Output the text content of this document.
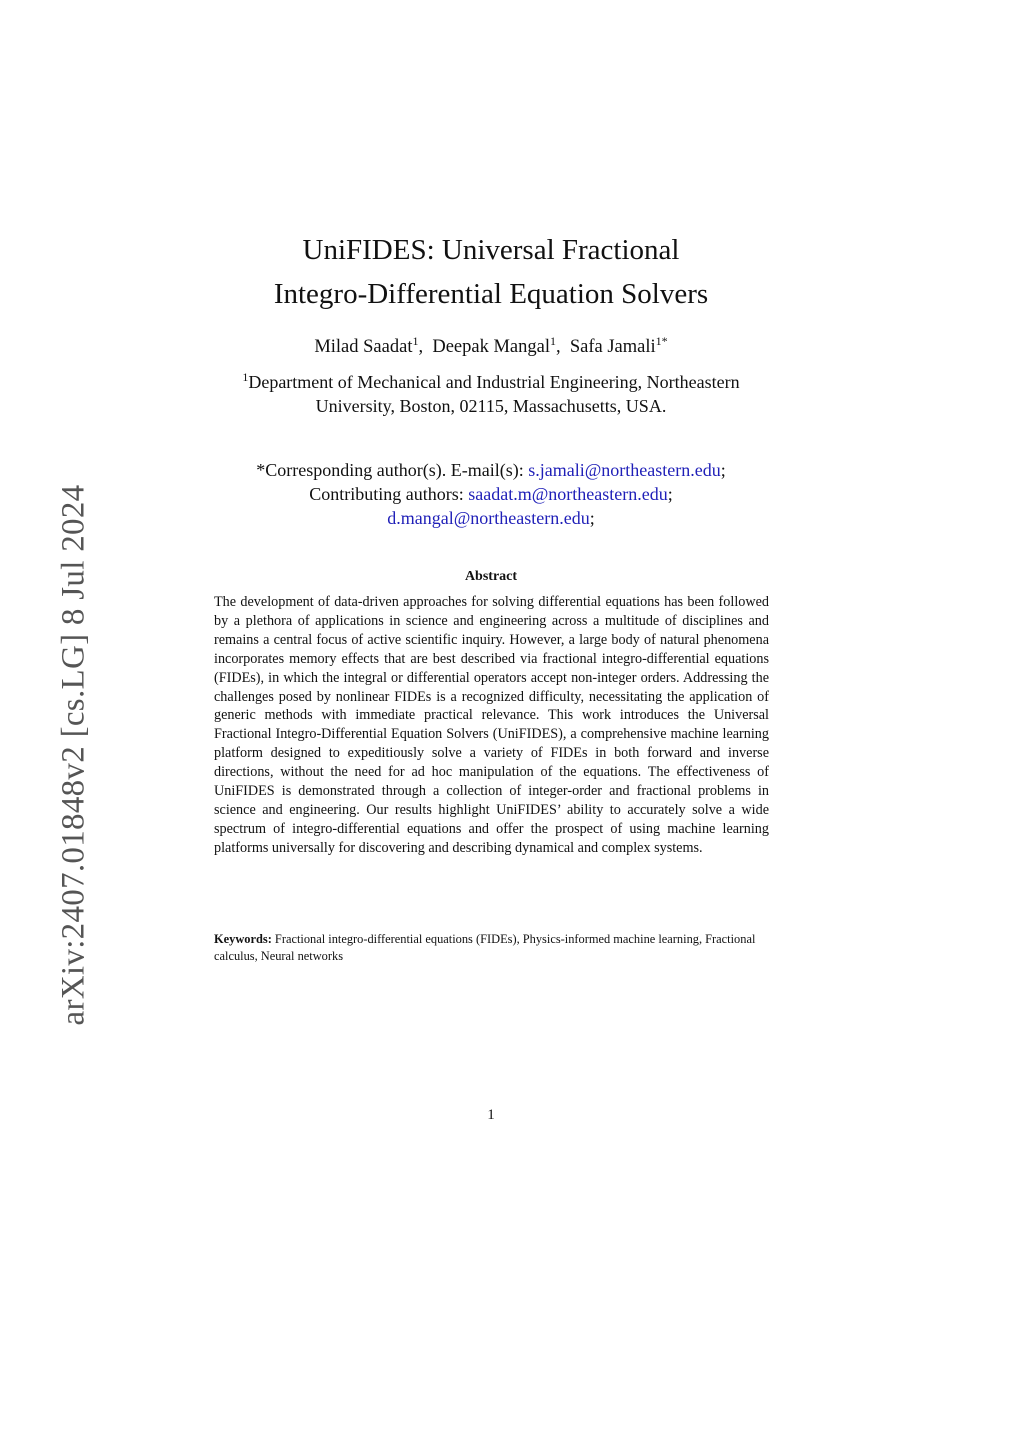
arXiv:2407.01848v2 [cs.LG] 8 Jul 2024
UniFIDES: Universal Fractional
Integro-Differential Equation Solvers
Milad Saadat$^1$,  Deepak Mangal$^1$,  Safa Jamali$^{1*}$
$^1$Department of Mechanical and Industrial Engineering, Northeastern
University, Boston, 02115, Massachusetts, USA.
*Corresponding author(s). E-mail(s): s.jamali@northeastern.edu;
Contributing authors: saadat.m@northeastern.edu;
d.mangal@northeastern.edu;
Abstract
The development of data-driven approaches for solving differential equations has been followed by a plethora of applications in science and engineering across a multitude of disciplines and remains a central focus of active scientific inquiry. However, a large body of natural phenomena incorporates memory effects that are best described via fractional integro-differential equations (FIDEs), in which the integral or differential operators accept non-integer orders. Addressing the challenges posed by nonlinear FIDEs is a recognized difficulty, necessitating the application of generic methods with immediate practical relevance. This work introduces the Universal Fractional Integro-Differential Equation Solvers (UniFIDES), a comprehensive machine learning platform designed to expeditiously solve a variety of FIDEs in both forward and inverse directions, without the need for ad hoc manipulation of the equations. The effectiveness of UniFIDES is demonstrated through a collection of integer-order and fractional problems in science and engineering. Our results highlight UniFIDES’ ability to accurately solve a wide spectrum of integro-differential equations and offer the prospect of using machine learning platforms universally for discovering and describing dynamical and complex systems.
Keywords: Fractional integro-differential equations (FIDEs), Physics-informed machine learning, Fractional calculus, Neural networks
1
